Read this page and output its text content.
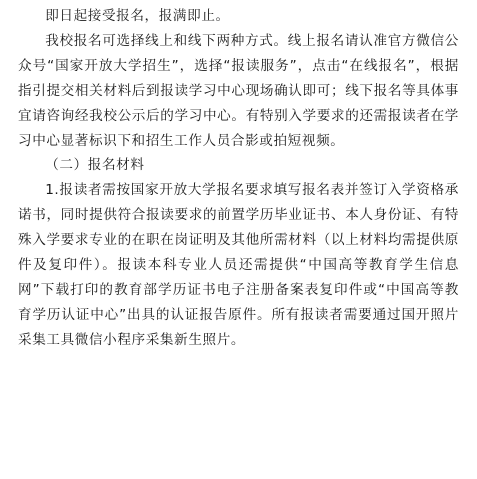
即日起接受报名，报满即止。

我校报名可选择线上和线下两种方式。线上报名请认准官方微信公众号“国家开放大学招生”，选择“报读服务”，点击“在线报名”，根据指引提交相关材料后到报读学习中心现场确认即可；线下报名等具体事宜请咨询经我校公示后的学习中心。有特别入学要求的还需报读者在学习中心显著标识下和招生工作人员合影或拍短视频。

（二）报名材料

1.报读者需按国家开放大学报名要求填写报名表并签订入学资格承诺书，同时提供符合报读要求的前置学历毕业证书、本人身份证、有特殊入学要求专业的在职在岗证明及其他所需材料（以上材料均需提供原件及复印件）。报读本科专业人员还需提供“中国高等教育学生信息网”下载打印的教育部学历证书电子注册备案表复印件或“中国高等教育学历认证中心”出具的认证报告原件。所有报读者需要通过国开照片采集工具微信小程序采集新生照片。
